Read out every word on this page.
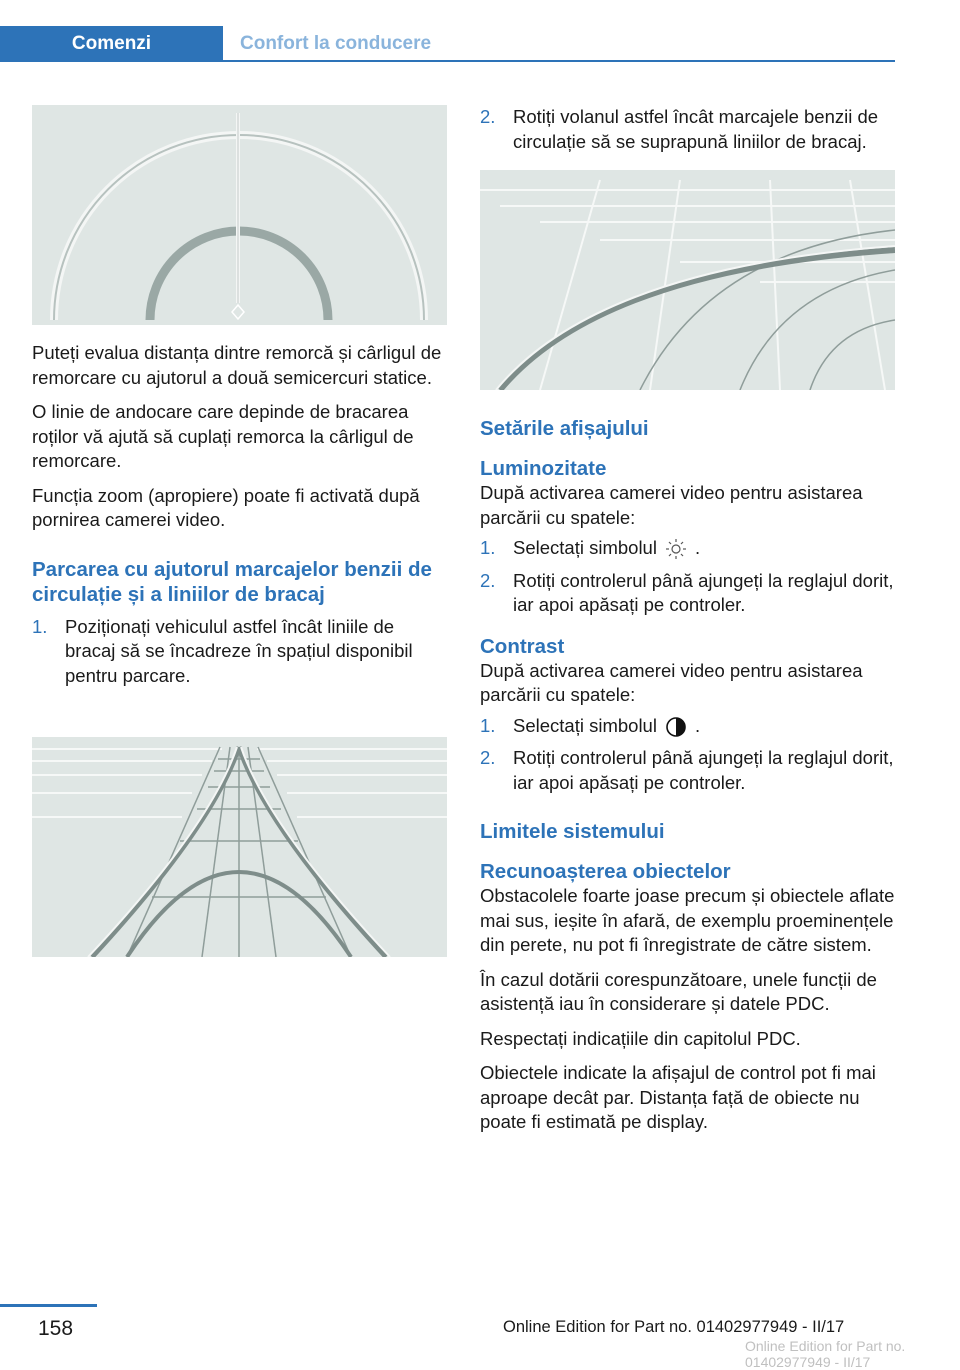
Comenzi	Confort la conducere

Puteți evalua distanța dintre remorcă și cârligul de remorcare cu ajutorul a două semicercuri statice.

O linie de andocare care depinde de bracarea roților vă ajută să cuplați remorca la cârligul de remorcare.

Funcția zoom (apropiere) poate fi activată după pornirea camerei video.

Parcarea cu ajutorul marcajelor benzii de circulație și a liniilor de bracaj
1. Poziționați vehiculul astfel încât liniile de bracaj să se încadreze în spațiul disponibil pentru parcare.
2. Rotiți volanul astfel încât marcajele benzii de circulație să se suprapună liniilor de bracaj.
Setările afișajului
Luminozitate

După activarea camerei video pentru asistarea parcării cu spatele:

1. Selectați simbolul .
2. Rotiți controlerul până ajungeți la reglajul dorit, iar apoi apăsați pe controler.
Contrast

După activarea camerei video pentru asistarea parcării cu spatele:

1. Selectați simbolul .
2. Rotiți controlerul până ajungeți la reglajul dorit, iar apoi apăsați pe controler.
Limitele sistemului
Recunoașterea obiectelor

Obstacolele foarte joase precum și obiectele aflate mai sus, ieșite în afară, de exemplu proeminențele din perete, nu pot fi înregistrate de către sistem.

În cazul dotării corespunzătoare, unele funcții de asistență iau în considerare și datele PDC.

Respectați indicațiile din capitolul PDC.

Obiectele indicate la afișajul de control pot fi mai aproape decât par. Distanța față de obiecte nu poate fi estimată pe display.

158	Online Edition for Part no. 01402977949 - II/17
Online Edition for Part no. 01402977949 - II/17
